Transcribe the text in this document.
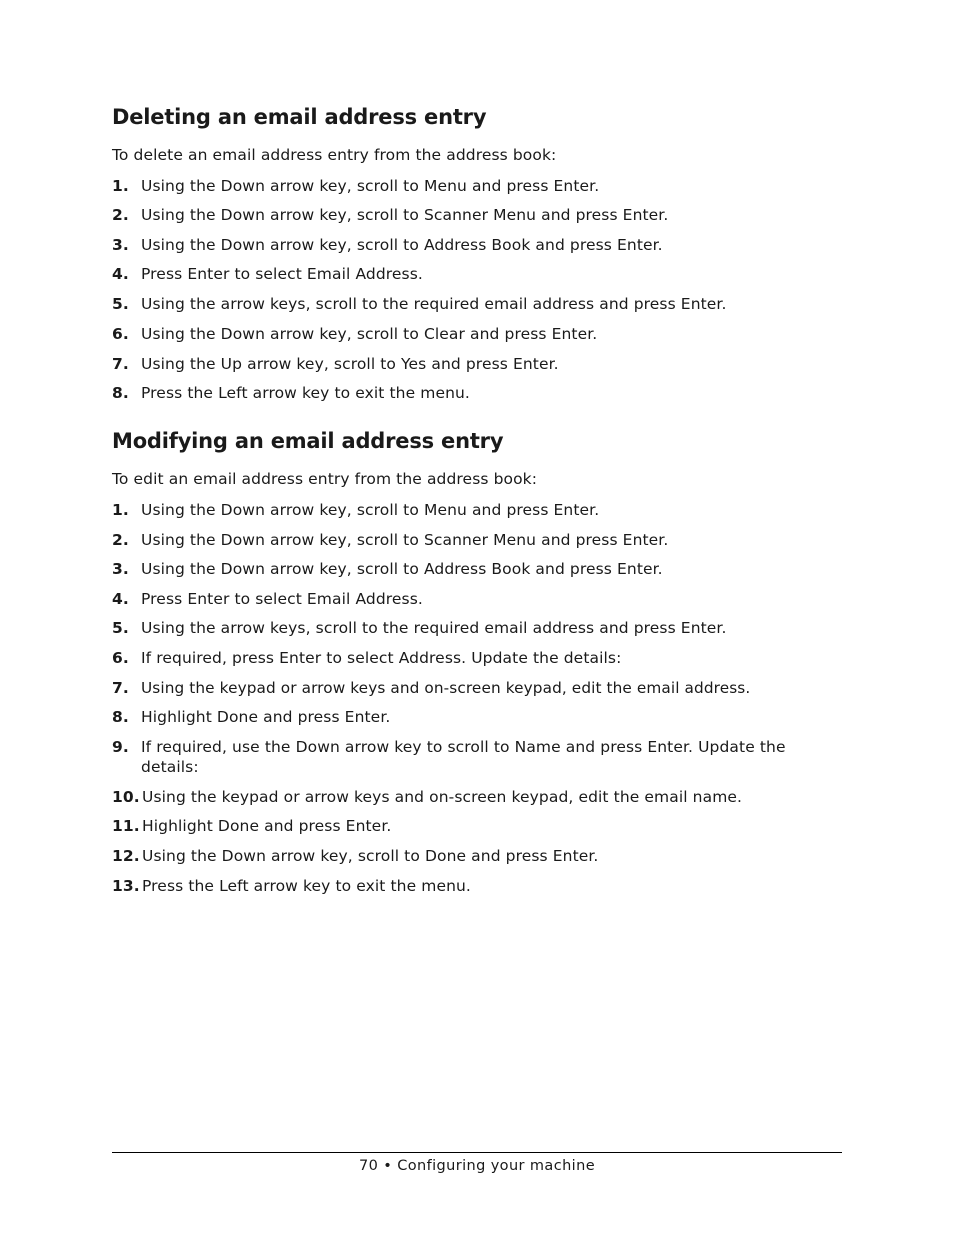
Deleting an email address entry

To delete an email address entry from the address book:

1. Using the Down arrow key, scroll to Menu and press Enter.
2. Using the Down arrow key, scroll to Scanner Menu and press Enter.
3. Using the Down arrow key, scroll to Address Book and press Enter.
4. Press Enter to select Email Address.
5. Using the arrow keys, scroll to the required email address and press Enter.
6. Using the Down arrow key, scroll to Clear and press Enter.
7. Using the Up arrow key, scroll to Yes and press Enter.
8. Press the Left arrow key to exit the menu.
Modifying an email address entry

To edit an email address entry from the address book:

1. Using the Down arrow key, scroll to Menu and press Enter.
2. Using the Down arrow key, scroll to Scanner Menu and press Enter.
3. Using the Down arrow key, scroll to Address Book and press Enter.
4. Press Enter to select Email Address.
5. Using the arrow keys, scroll to the required email address and press Enter.
6. If required, press Enter to select Address. Update the details:
7. Using the keypad or arrow keys and on-screen keypad, edit the email address.
8. Highlight Done and press Enter.
9. If required, use the Down arrow key to scroll to Name and press Enter. Update the details:
10. Using the keypad or arrow keys and on-screen keypad, edit the email name.
11. Highlight Done and press Enter.
12. Using the Down arrow key, scroll to Done and press Enter.
13. Press the Left arrow key to exit the menu.
70 • Configuring your machine
